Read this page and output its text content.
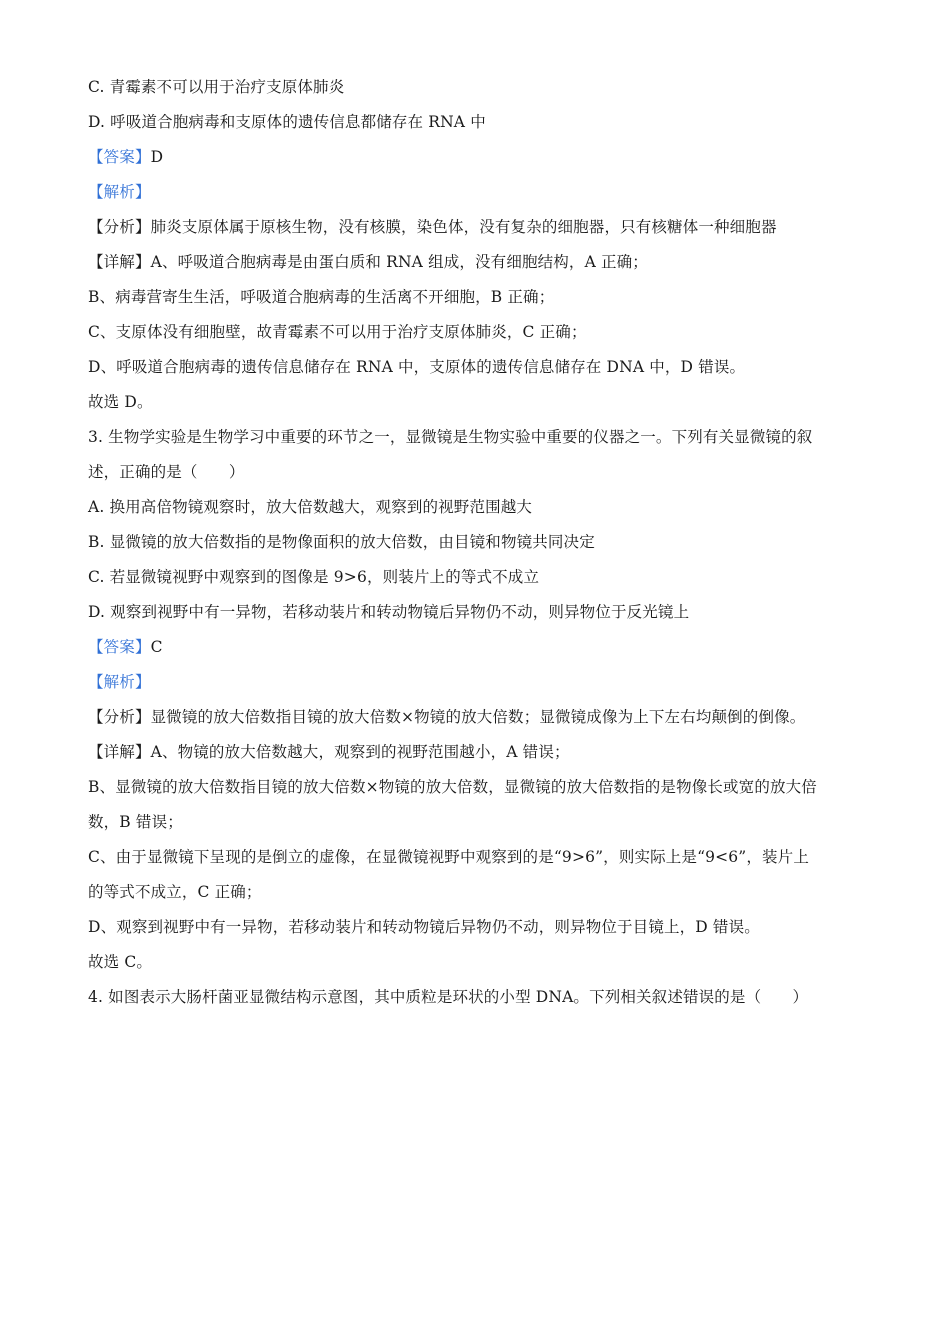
C. 青霉素不可以用于治疗支原体肺炎
D. 呼吸道合胞病毒和支原体的遗传信息都储存在 RNA 中
【答案】D
【解析】
【分析】肺炎支原体属于原核生物，没有核膜，染色体，没有复杂的细胞器，只有核糖体一种细胞器
【详解】A、呼吸道合胞病毒是由蛋白质和 RNA 组成，没有细胞结构，A 正确；
B、病毒营寄生生活，呼吸道合胞病毒的生活离不开细胞，B 正确；
C、支原体没有细胞壁，故青霉素不可以用于治疗支原体肺炎，C 正确；
D、呼吸道合胞病毒的遗传信息储存在 RNA 中，支原体的遗传信息储存在 DNA 中，D 错误。
故选 D。
3. 生物学实验是生物学习中重要的环节之一，显微镜是生物实验中重要的仪器之一。下列有关显微镜的叙
述，正确的是（　　）
A. 换用高倍物镜观察时，放大倍数越大，观察到的视野范围越大
B. 显微镜的放大倍数指的是物像面积的放大倍数，由目镜和物镜共同决定
C. 若显微镜视野中观察到的图像是 9>6，则装片上的等式不成立
D. 观察到视野中有一异物，若移动装片和转动物镜后异物仍不动，则异物位于反光镜上
【答案】C
【解析】
【分析】显微镜的放大倍数指目镜的放大倍数×物镜的放大倍数；显微镜成像为上下左右均颠倒的倒像。
【详解】A、物镜的放大倍数越大，观察到的视野范围越小，A 错误；
B、显微镜的放大倍数指目镜的放大倍数×物镜的放大倍数，显微镜的放大倍数指的是物像长或宽的放大倍
数，B 错误；
C、由于显微镜下呈现的是倒立的虚像，在显微镜视野中观察到的是“9>6”，则实际上是“9<6”，装片上
的等式不成立，C 正确；
D、观察到视野中有一异物，若移动装片和转动物镜后异物仍不动，则异物位于目镜上，D 错误。
故选 C。
4. 如图表示大肠杆菌亚显微结构示意图，其中质粒是环状的小型 DNA。下列相关叙述错误的是（　　）
